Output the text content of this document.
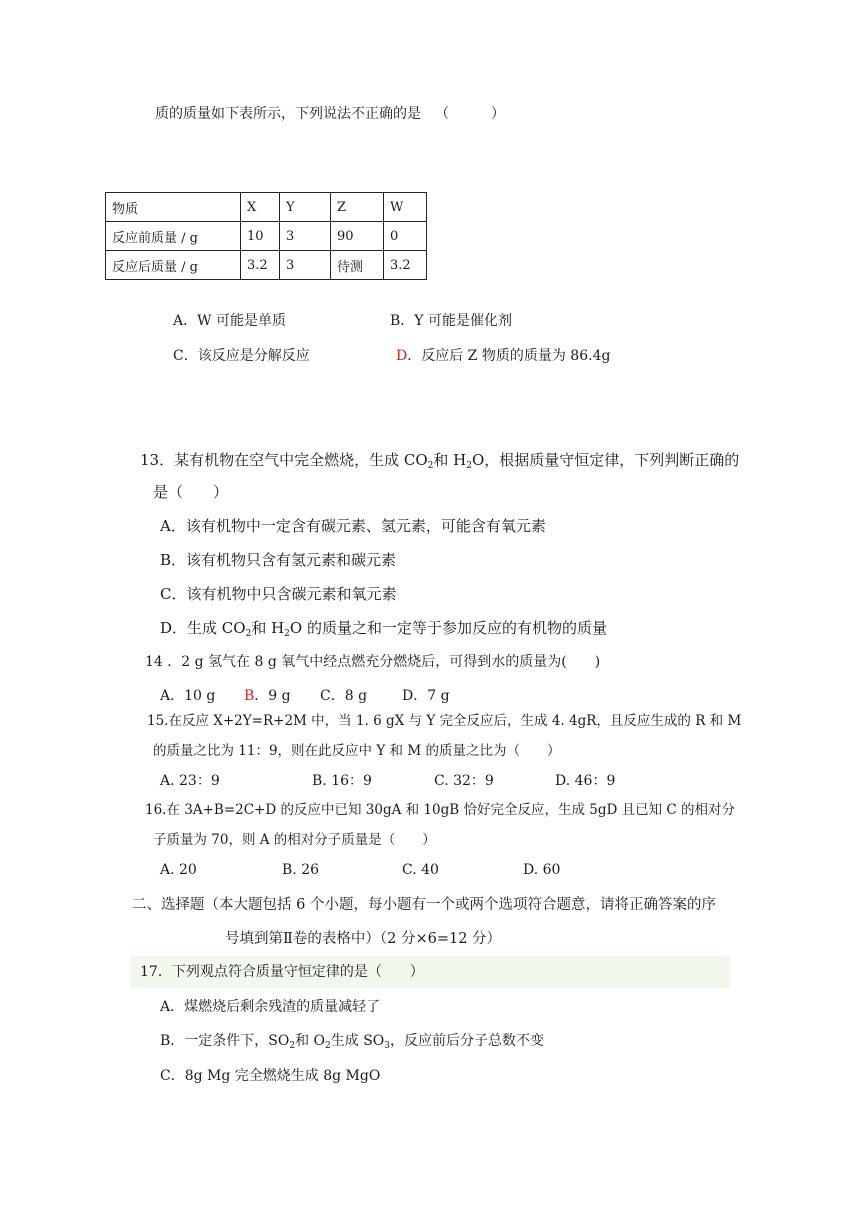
质的质量如下表所示，下列说法不正确的是 （　　　）
物质	X	Y	Z	W
反应前质量 / g	10	3	90	0
反应后质量 / g	3.2	3	待测	3.2
A．W 可能是单质	B．Y 可能是催化剂
C．该反应是分解反应	D．反应后 Z 物质的质量为 86.4g
13．某有机物在空气中完全燃烧，生成 $CO_2$和 $H_2O$，根据质量守恒定律，下列判断正确的
是（　　）
A．该有机物中一定含有碳元素、氢元素，可能含有氧元素
B．该有机物只含有氢元素和碳元素
C．该有机物中只含碳元素和氧元素
D．生成 $CO_2$和 $H_2O$ 的质量之和一定等于参加反应的有机物的质量
14 ．2 g 氢气在 8 g 氧气中经点燃充分燃烧后，可得到水的质量为(　　)
A．10 g B．9 g C．8 g D．7 g
15.在反应 X+2Y=R+2M 中，当 1. 6 gX 与 Y 完全反应后，生成 4. 4gR，且反应生成的 R 和 M
的质量之比为 11：9，则在此反应中 Y 和 M 的质量之比为（　　）
A. 23：9	B. 16：9	C. 32：9	D. 46：9
16.在 3A+B=2C+D 的反应中已知 30gA 和 10gB 恰好完全反应，生成 5gD 且已知 C 的相对分
子质量为 70，则 A 的相对分子质量是（　　）
A. 20	B. 26	C. 40	D. 60
二、选择题（本大题包括 6 个小题，每小题有一个或两个选项符合题意，请将正确答案的序
号填到第Ⅱ卷的表格中）（2 分×6=12 分）
17．下列观点符合质量守恒定律的是（　　）
A．煤燃烧后剩余残渣的质量减轻了
B．一定条件下，$SO_2$和 $O_2$生成 $SO_3$，反应前后分子总数不变
C．8g Mg 完全燃烧生成 8g MgO
